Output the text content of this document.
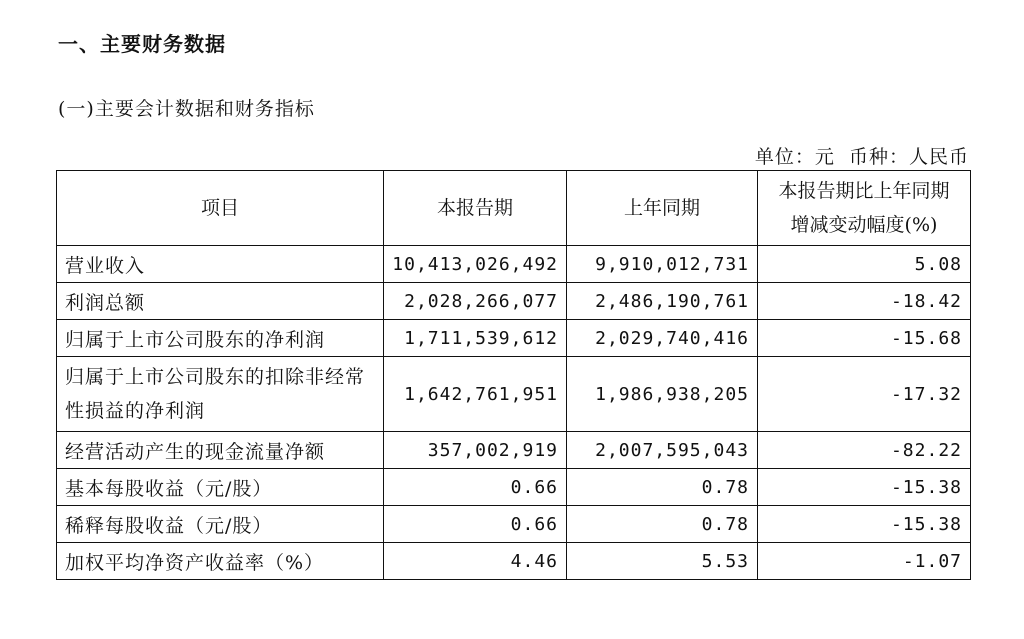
一、主要财务数据
(一)主要会计数据和财务指标
单位：元  币种：人民币
项目	本报告期	上年同期	本报告期比上年同期
增减变动幅度(%)

营业收入	10,413,026,492	9,910,012,731	5.08
利润总额	2,028,266,077	2,486,190,761	-18.42
归属于上市公司股东的净利润	1,711,539,612	2,029,740,416	-15.68
归属于上市公司股东的扣除非经常性损益的净利润	1,642,761,951	1,986,938,205	-17.32
经营活动产生的现金流量净额	357,002,919	2,007,595,043	-82.22
基本每股收益（元/股）	0.66	0.78	-15.38
稀释每股收益（元/股）	0.66	0.78	-15.38
加权平均净资产收益率（%）	4.46	5.53	-1.07
